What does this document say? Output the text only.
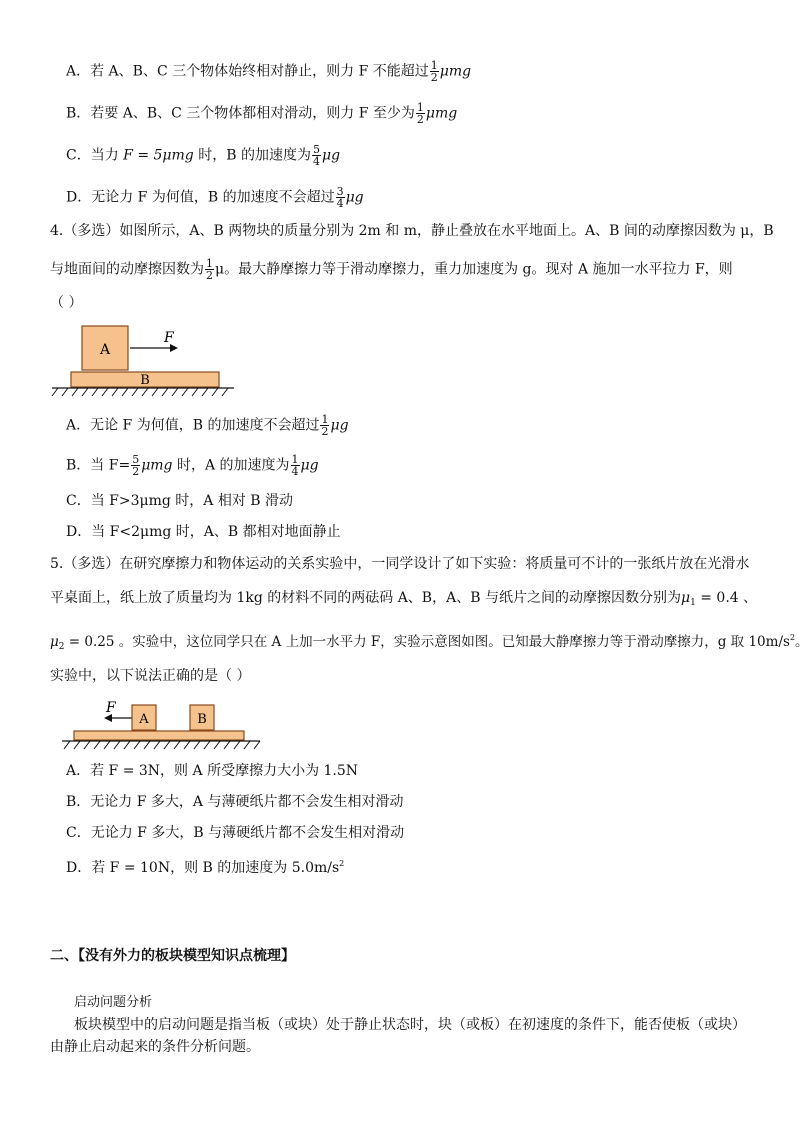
A．若 A、B、C 三个物体始终相对静止，则力 F 不能超过 $\frac{1}{2}$ μmg
B．若要 A、B、C 三个物体都相对滑动，则力 F 至少为 $\frac{1}{2}$ μmg
C．当力 F = 5μmg 时，B 的加速度为 $\frac{5}{4}$ μg
D．无论力 F 为何值，B 的加速度不会超过 $\frac{3}{4}$ μg
4.（多选）如图所示，A、B 两物块的质量分别为 2m 和 m，静止叠放在水平地面上。A、B 间的动摩擦因数为 μ，B
与地面间的动摩擦因数为 $\frac{1}{2}$ μ。最大静摩擦力等于滑动摩擦力，重力加速度为 g。现对 A 施加一水平拉力 F，则
（ ）
A
F
B
A．无论 F 为何值，B 的加速度不会超过 $\frac{1}{2}$ μg
B．当 $F= \frac{5}{2}$ μmg 时，A 的加速度为 $\frac{1}{4}$ μg
C．当 F>3μmg 时，A 相对 B 滑动
D．当 F<2μmg 时，A、B 都相对地面静止
5.（多选）在研究摩擦力和物体运动的关系实验中，一同学设计了如下实验：将质量可不计的一张纸片放在光滑水
平桌面上，纸上放了质量均为 1kg 的材料不同的两砝码 A、B，A、B 与纸片之间的动摩擦因数分别为$\mu_1 = 0.4$ 、
$\mu_2 = 0.25$ 。实验中，这位同学只在 A 上加一水平力 F，实验示意图如图。已知最大静摩擦力等于滑动摩擦力，g 取 $10m/s^2$。
实验中，以下说法正确的是（ ）
F
A	B
A．若 F = 3N，则 A 所受摩擦力大小为 1.5N
B．无论力 F 多大，A 与薄硬纸片都不会发生相对滑动
C．无论力 F 多大，B 与薄硬纸片都不会发生相对滑动
D．若 F = 10N，则 B 的加速度为 $5.0m/s^2$
二、【没有外力的板块模型知识点梳理】
启动问题分析
板块模型中的启动问题是指当板（或块）处于静止状态时，块（或板）在初速度的条件下，能否使板（或块）
由静止启动起来的条件分析问题。
